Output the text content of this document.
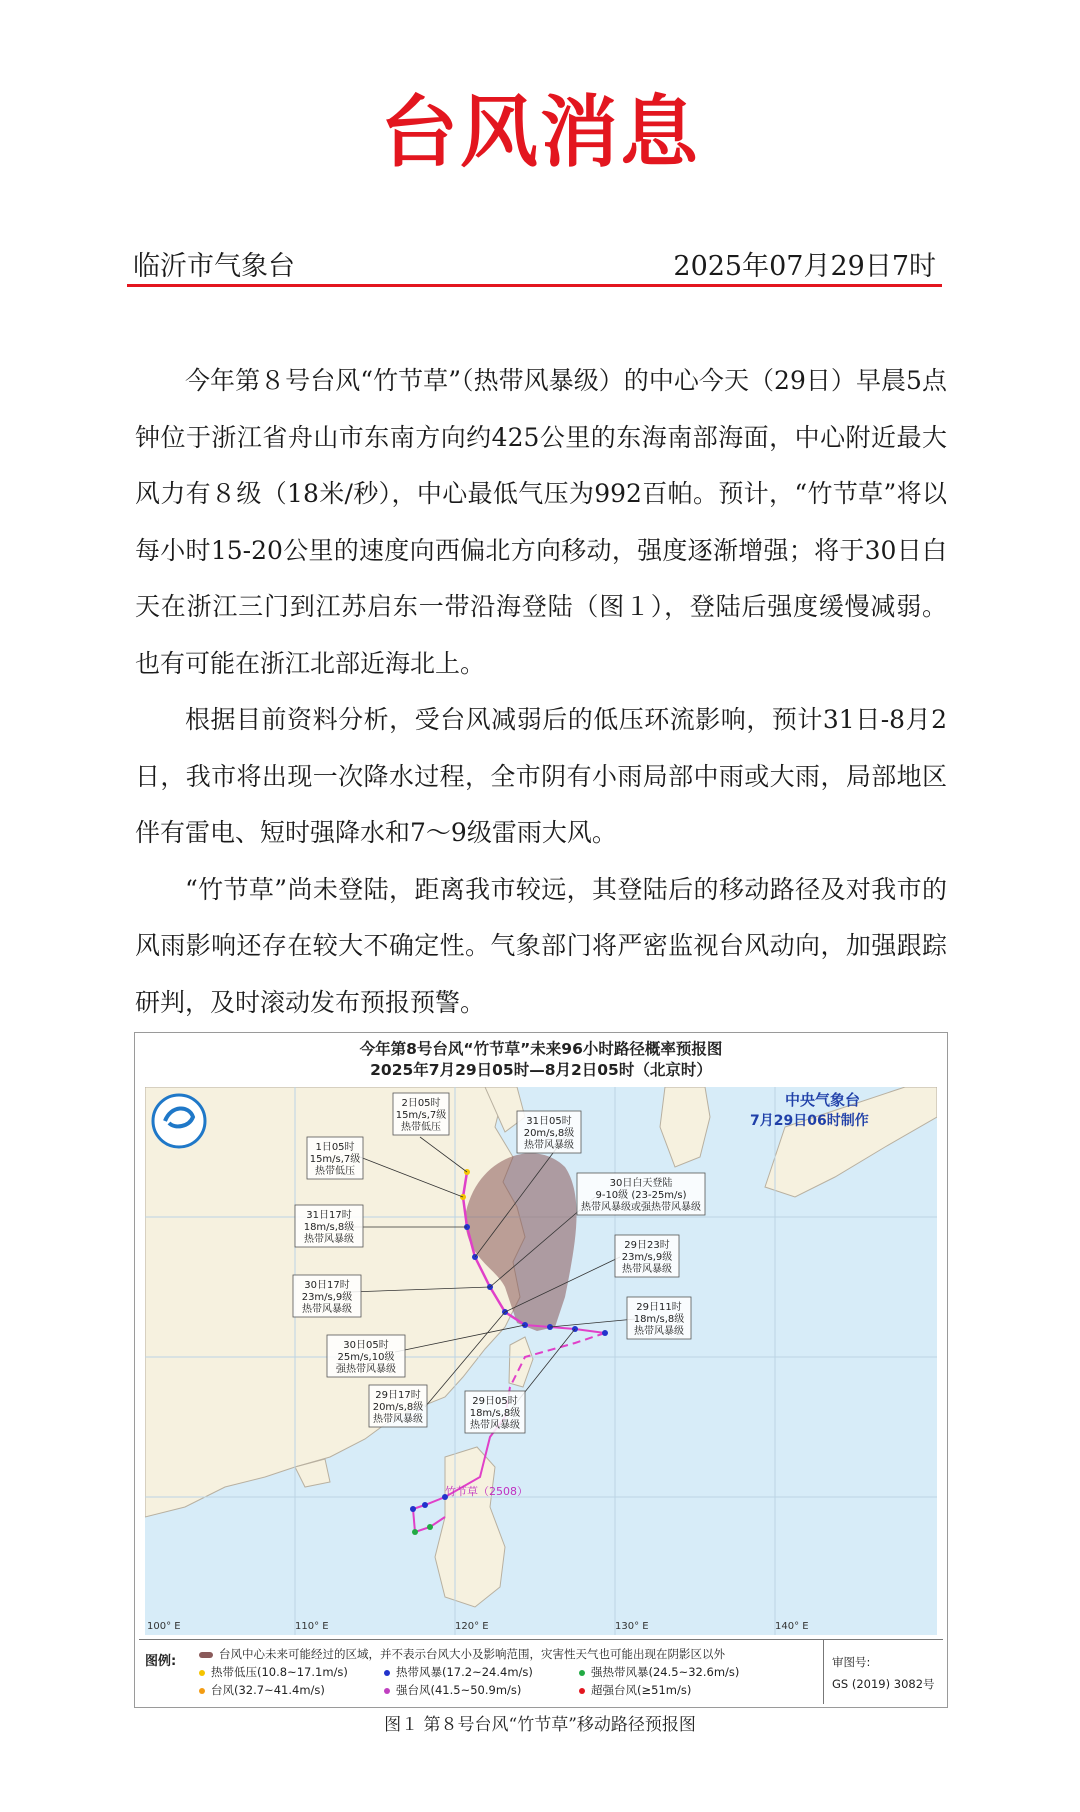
台风消息
临沂市气象台	2025年07月29日7时

今年第８号台风“竹节草”（热带风暴级）的中心今天（29日）早晨5点钟位于浙江省舟山市东南方向约425公里的东海南部海面，中心附近最大风力有８级（18米/秒），中心最低气压为992百帕。预计，“竹节草”将以每小时15-20公里的速度向西偏北方向移动，强度逐渐增强；将于30日白天在浙江三门到江苏启东一带沿海登陆（图１），登陆后强度缓慢减弱。也有可能在浙江北部近海北上。

根据目前资料分析，受台风减弱后的低压环流影响，预计31日-8月2日，我市将出现一次降水过程，全市阴有小雨局部中雨或大雨，局部地区伴有雷电、短时强降水和7～9级雷雨大风。

“竹节草”尚未登陆，距离我市较远，其登陆后的移动路径及对我市的风雨影响还存在较大不确定性。气象部门将严密监视台风动向，加强跟踪研判，及时滚动发布预报预警。

今年第8号台风“竹节草”未来96小时路径概率预报图
2025年7月29日05时—8月2日05时（北京时）
中央气象台
7月29日06时制作
竹节草（2508）
100° E	110° E	120° E	130° E	140° E
2日05时
15m/s,7级
热带低压
1日05时
15m/s,7级
热带低压
31日05时
20m/s,8级
热带风暴级
30日白天登陆
9-10级 (23-25m/s)
热带风暴级或强热带风暴级
31日17时
18m/s,8级
热带风暴级
29日23时
23m/s,9级
热带风暴级
30日17时
23m/s,9级
热带风暴级	29日11时
18m/s,8级
热带风暴级
30日05时
25m/s,10级
强热带风暴级
29日17时
20m/s,8级
热带风暴级
29日05时
18m/s,8级
热带风暴级
图例:	台风中心未来可能经过的区域，并不表示台风大小及影响范围，灾害性天气也可能出现在阴影区以外
热带低压(10.8~17.1m/s)	热带风暴(17.2~24.4m/s)	强热带风暴(24.5~32.6m/s)
台风(32.7~41.4m/s)	强台风(41.5~50.9m/s)	超强台风(≥51m/s)
审图号:
GS (2019) 3082号
图１ 第８号台风“竹节草”移动路径预报图
